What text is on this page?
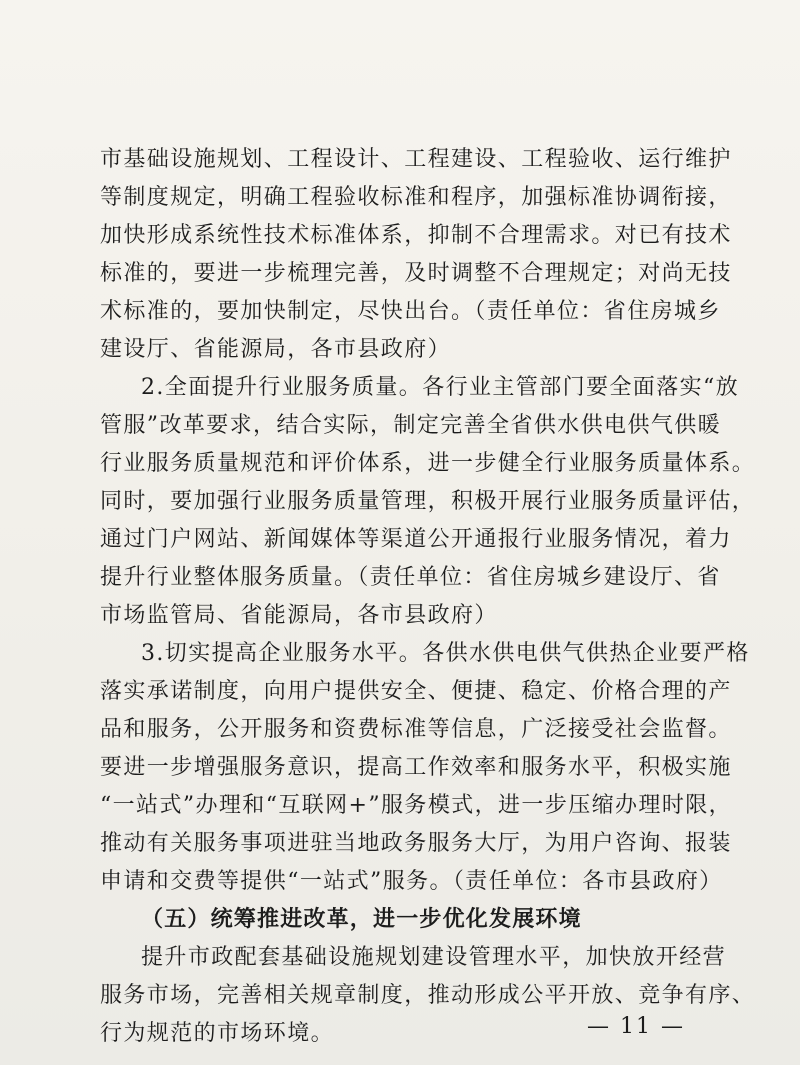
市基础设施规划、工程设计、工程建设、工程验收、运行维护
等制度规定，明确工程验收标准和程序，加强标准协调衔接，
加快形成系统性技术标准体系，抑制不合理需求。对已有技术
标准的，要进一步梳理完善，及时调整不合理规定；对尚无技
术标准的，要加快制定，尽快出台。（责任单位：省住房城乡
建设厅、省能源局，各市县政府）
2.全面提升行业服务质量。各行业主管部门要全面落实“放
管服”改革要求，结合实际，制定完善全省供水供电供气供暖
行业服务质量规范和评价体系，进一步健全行业服务质量体系。
同时，要加强行业服务质量管理，积极开展行业服务质量评估，
通过门户网站、新闻媒体等渠道公开通报行业服务情况，着力
提升行业整体服务质量。（责任单位：省住房城乡建设厅、省
市场监管局、省能源局，各市县政府）
3.切实提高企业服务水平。各供水供电供气供热企业要严格
落实承诺制度，向用户提供安全、便捷、稳定、价格合理的产
品和服务，公开服务和资费标准等信息，广泛接受社会监督。
要进一步增强服务意识，提高工作效率和服务水平，积极实施
“一站式”办理和“互联网+”服务模式，进一步压缩办理时限，
推动有关服务事项进驻当地政务服务大厅，为用户咨询、报装
申请和交费等提供“一站式”服务。（责任单位：各市县政府）
（五）统筹推进改革，进一步优化发展环境
提升市政配套基础设施规划建设管理水平，加快放开经营
服务市场，完善相关规章制度，推动形成公平开放、竞争有序、
行为规范的市场环境。	— 11 —
